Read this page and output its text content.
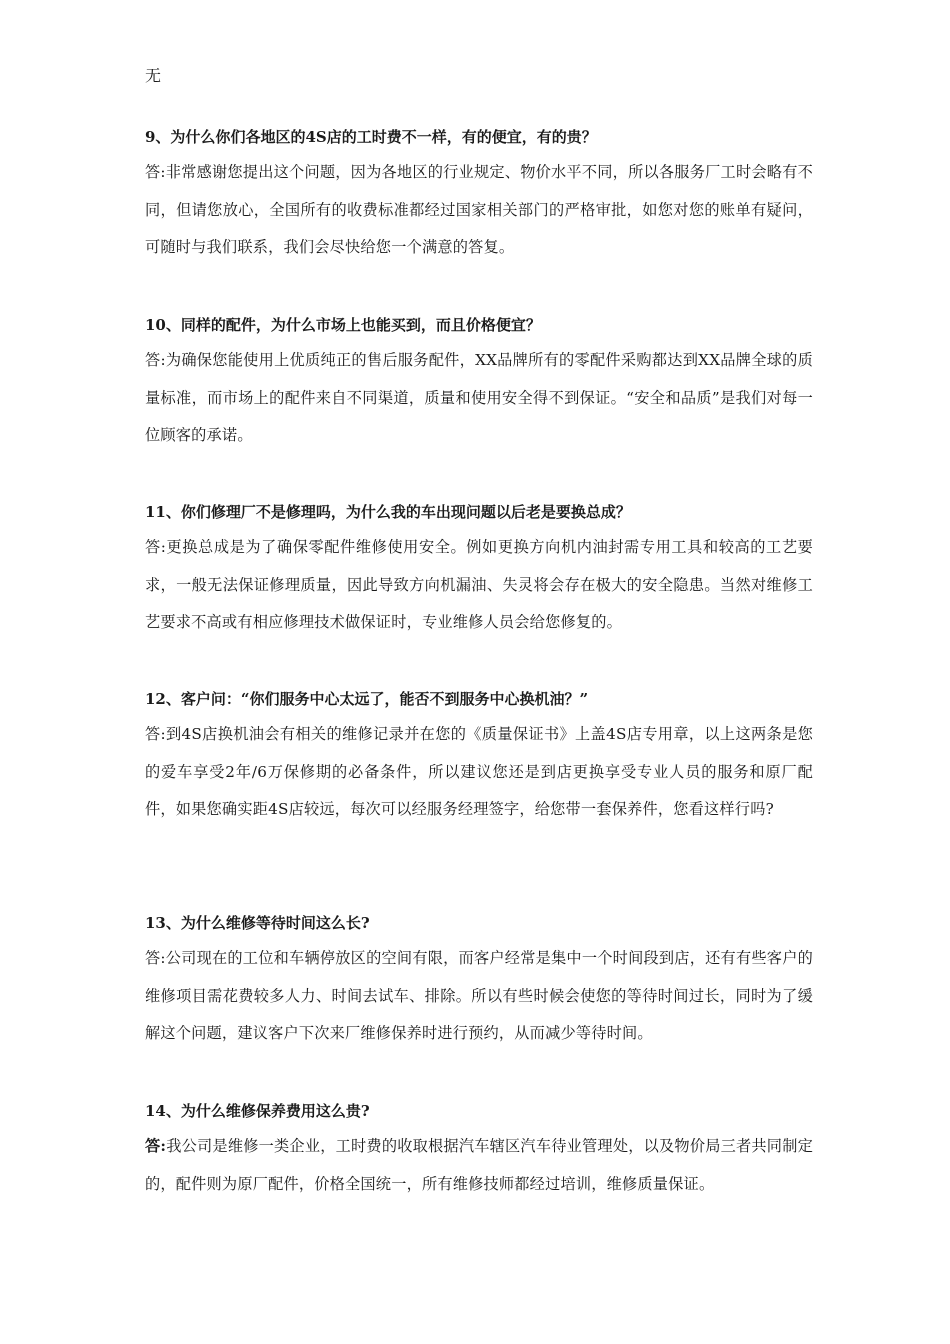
无

9、为什么你们各地区的4S店的工时费不一样，有的便宜，有的贵？

答:非常感谢您提出这个问题，因为各地区的行业规定、物价水平不同，所以各服务厂工时会略有不同，但请您放心，全国所有的收费标准都经过国家相关部门的严格审批，如您对您的账单有疑问，可随时与我们联系，我们会尽快给您一个满意的答复。

10、同样的配件，为什么市场上也能买到，而且价格便宜？

答:为确保您能使用上优质纯正的售后服务配件，XX品牌所有的零配件采购都达到XX品牌全球的质量标准，而市场上的配件来自不同渠道，质量和使用安全得不到保证。“安全和品质”是我们对每一位顾客的承诺。

11、你们修理厂不是修理吗，为什么我的车出现问题以后老是要换总成？

答:更换总成是为了确保零配件维修使用安全。例如更换方向机内油封需专用工具和较高的工艺要求，一般无法保证修理质量，因此导致方向机漏油、失灵将会存在极大的安全隐患。当然对维修工艺要求不高或有相应修理技术做保证时，专业维修人员会给您修复的。

12、客户问：“你们服务中心太远了，能否不到服务中心换机油？”

答:到4S店换机油会有相关的维修记录并在您的《质量保证书》上盖4S店专用章，以上这两条是您的爱车享受2年/6万保修期的必备条件，所以建议您还是到店更换享受专业人员的服务和原厂配件，如果您确实距4S店较远，每次可以经服务经理签字，给您带一套保养件，您看这样行吗?

13、为什么维修等待时间这么长?

答:公司现在的工位和车辆停放区的空间有限，而客户经常是集中一个时间段到店，还有有些客户的维修项目需花费较多人力、时间去试车、排除。所以有些时候会使您的等待时间过长，同时为了缓解这个问题，建议客户下次来厂维修保养时进行预约，从而减少等待时间。

14、为什么维修保养费用这么贵?

答:我公司是维修一类企业，工时费的收取根据汽车辖区汽车待业管理处，以及物价局三者共同制定的，配件则为原厂配件，价格全国统一，所有维修技师都经过培训，维修质量保证。
